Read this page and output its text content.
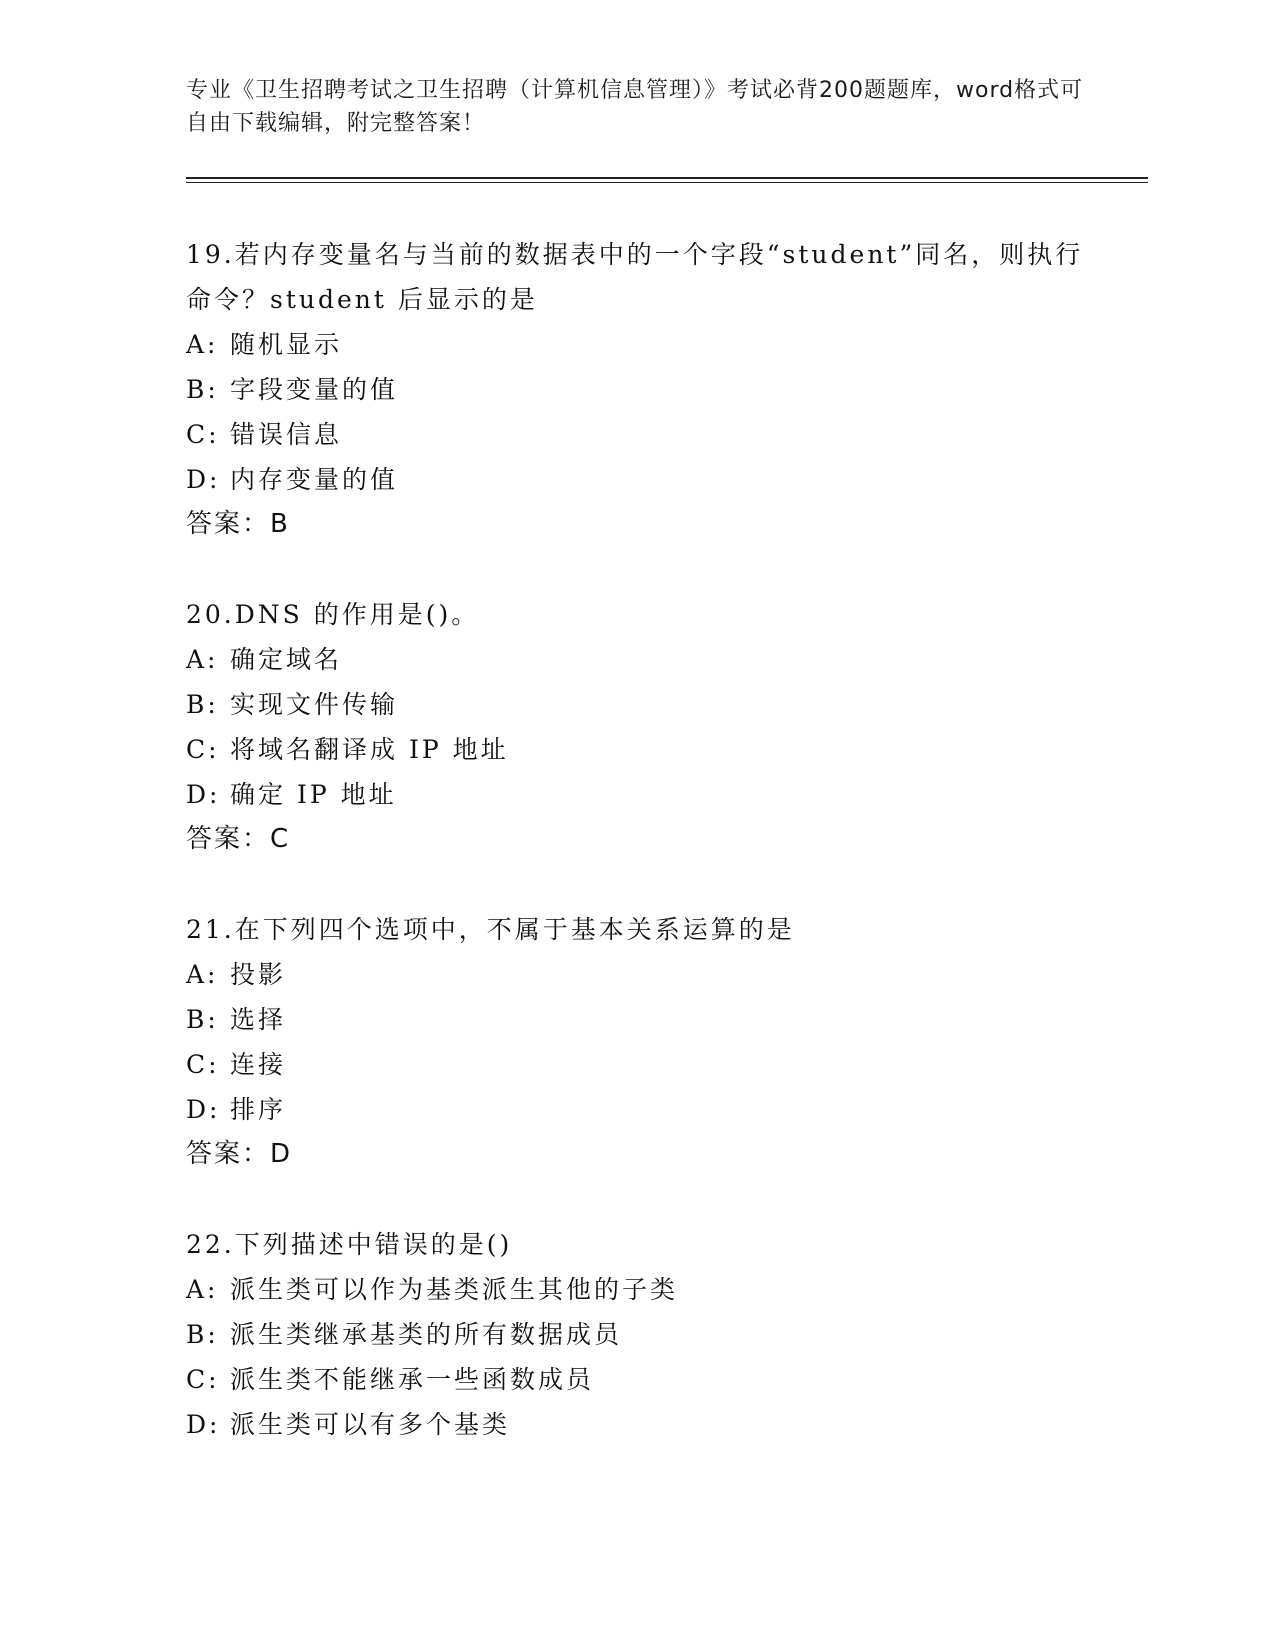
专业《卫生招聘考试之卫生招聘（计算机信息管理）》考试必背200题题库，word格式可自由下载编辑，附完整答案！
19.若内存变量名与当前的数据表中的一个字段“student”同名，则执行命令？student 后显示的是
A: 随机显示
B: 字段变量的值
C: 错误信息
D: 内存变量的值
答案：B
20.DNS 的作用是()。
A: 确定域名
B: 实现文件传输
C: 将域名翻译成 IP 地址
D: 确定 IP 地址
答案：C
21.在下列四个选项中，不属于基本关系运算的是
A: 投影
B: 选择
C: 连接
D: 排序
答案：D
22.下列描述中错误的是()
A: 派生类可以作为基类派生其他的子类
B: 派生类继承基类的所有数据成员
C: 派生类不能继承一些函数成员
D: 派生类可以有多个基类
